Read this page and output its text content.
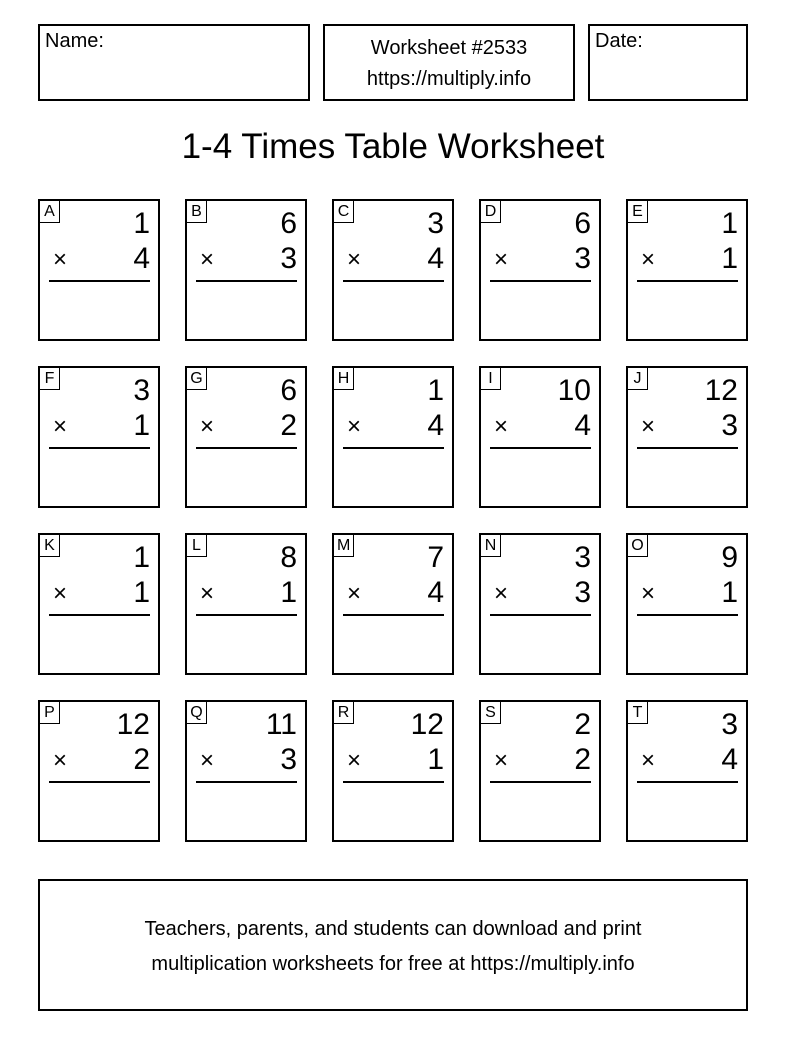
Name:	Worksheet #2533
https://multiply.info
Date:
1-4 Times Table Worksheet
A	1
× 4
B	6
× 3
C	3
× 4
D	6
× 3
E	1
× 1
F	3
× 1
G	6
× 2
H	1
× 4
I 10
× 4
J 12
× 3
K	1
× 1
L	8
× 1
M	7
× 4
N	3
× 3
O	9
× 1
P 12
× 2
Q 11
× 3
R 12
× 1
S	2
× 2
T	3
× 4
Teachers, parents, and students can download and print
multiplication worksheets for free at https://multiply.info
